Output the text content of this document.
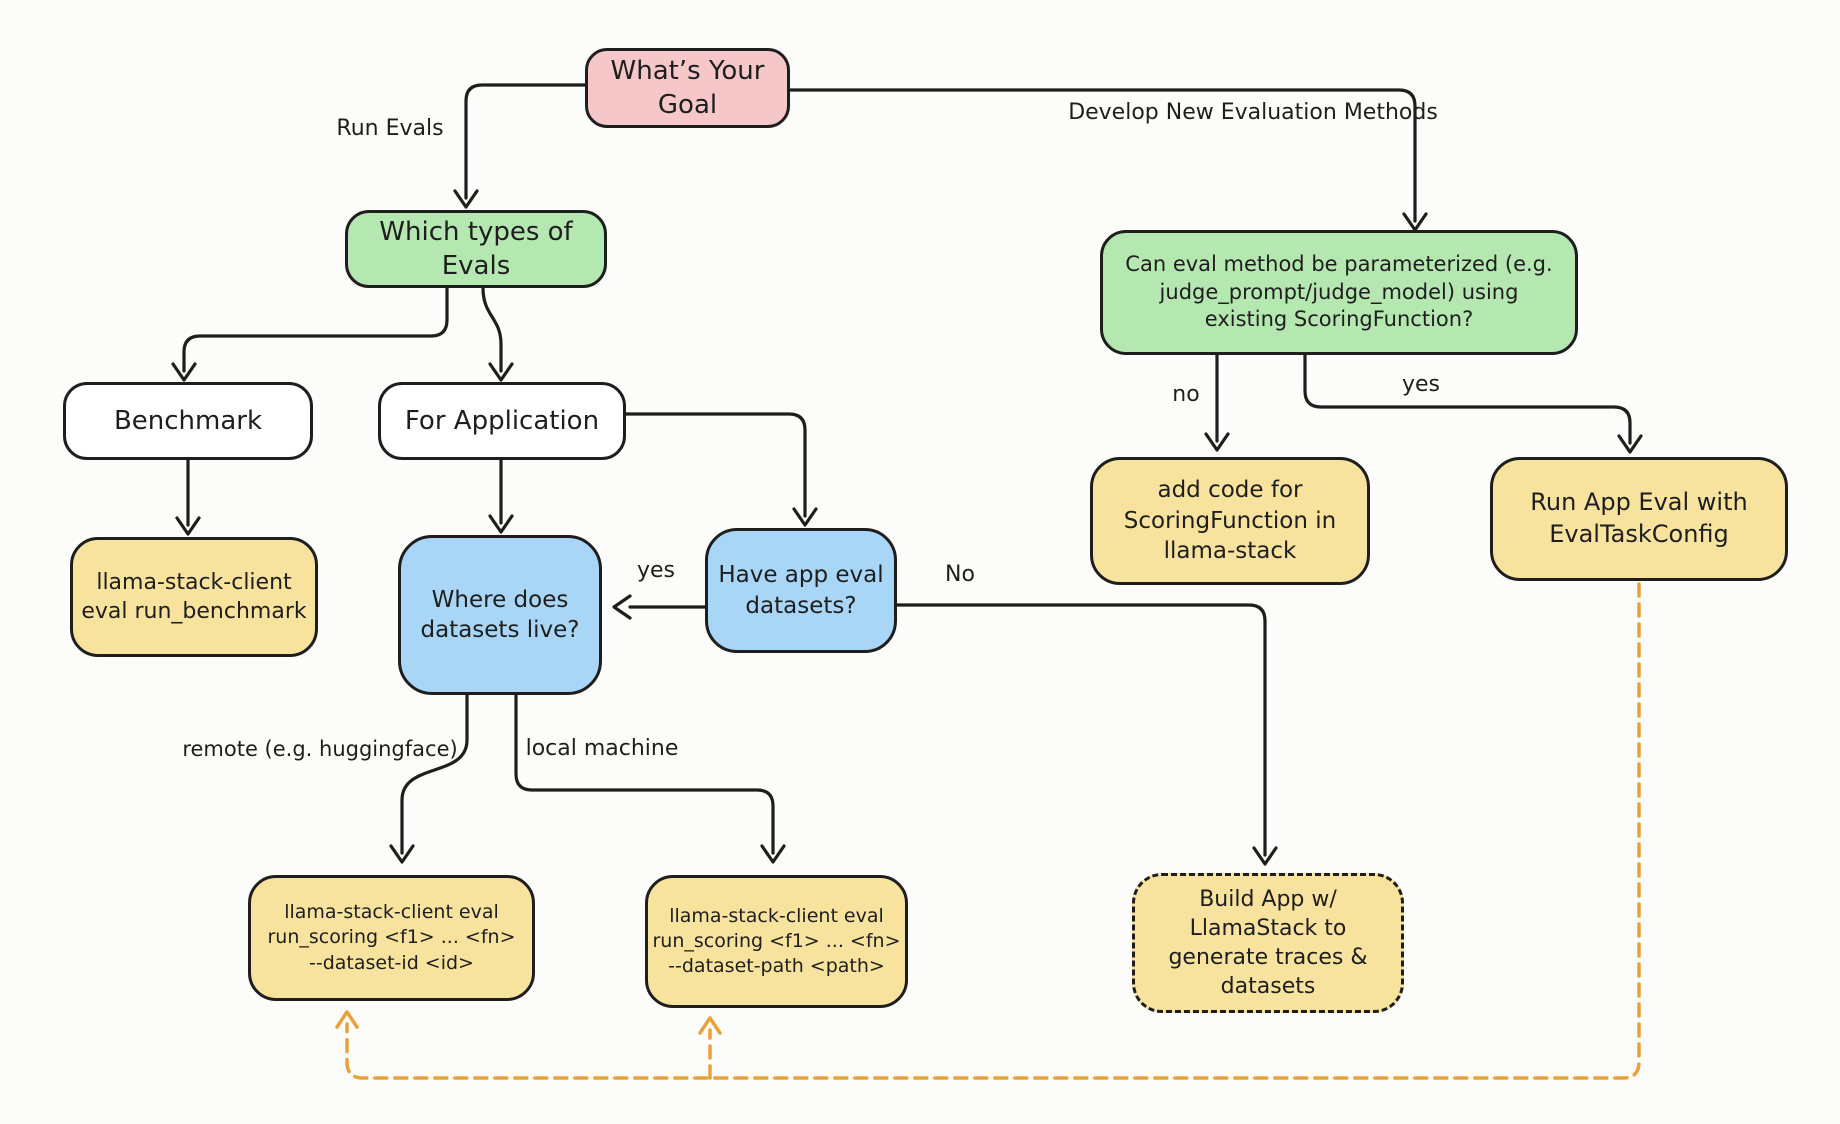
What’s Your
Goal
Which types of
Evals	Can eval method be parameterized (e.g.
judge_prompt/judge_model) using
existing ScoringFunction?
Benchmark	For Application
llama-stack-client
eval run_benchmark	Where does
datasets live?
Have app eval
datasets?
add code for
ScoringFunction in
llama-stack
Run App Eval with
EvalTaskConfig
llama-stack-client eval
run_scoring <f1> ... <fn>
--dataset-id <id>
llama-stack-client eval
run_scoring <f1> ... <fn>
--dataset-path <path>
Build App w/
LlamaStack to
generate traces &
datasets
Run Evals
Develop New Evaluation Methods
no	yes
yes	No
remote (e.g. huggingface)	local machine
